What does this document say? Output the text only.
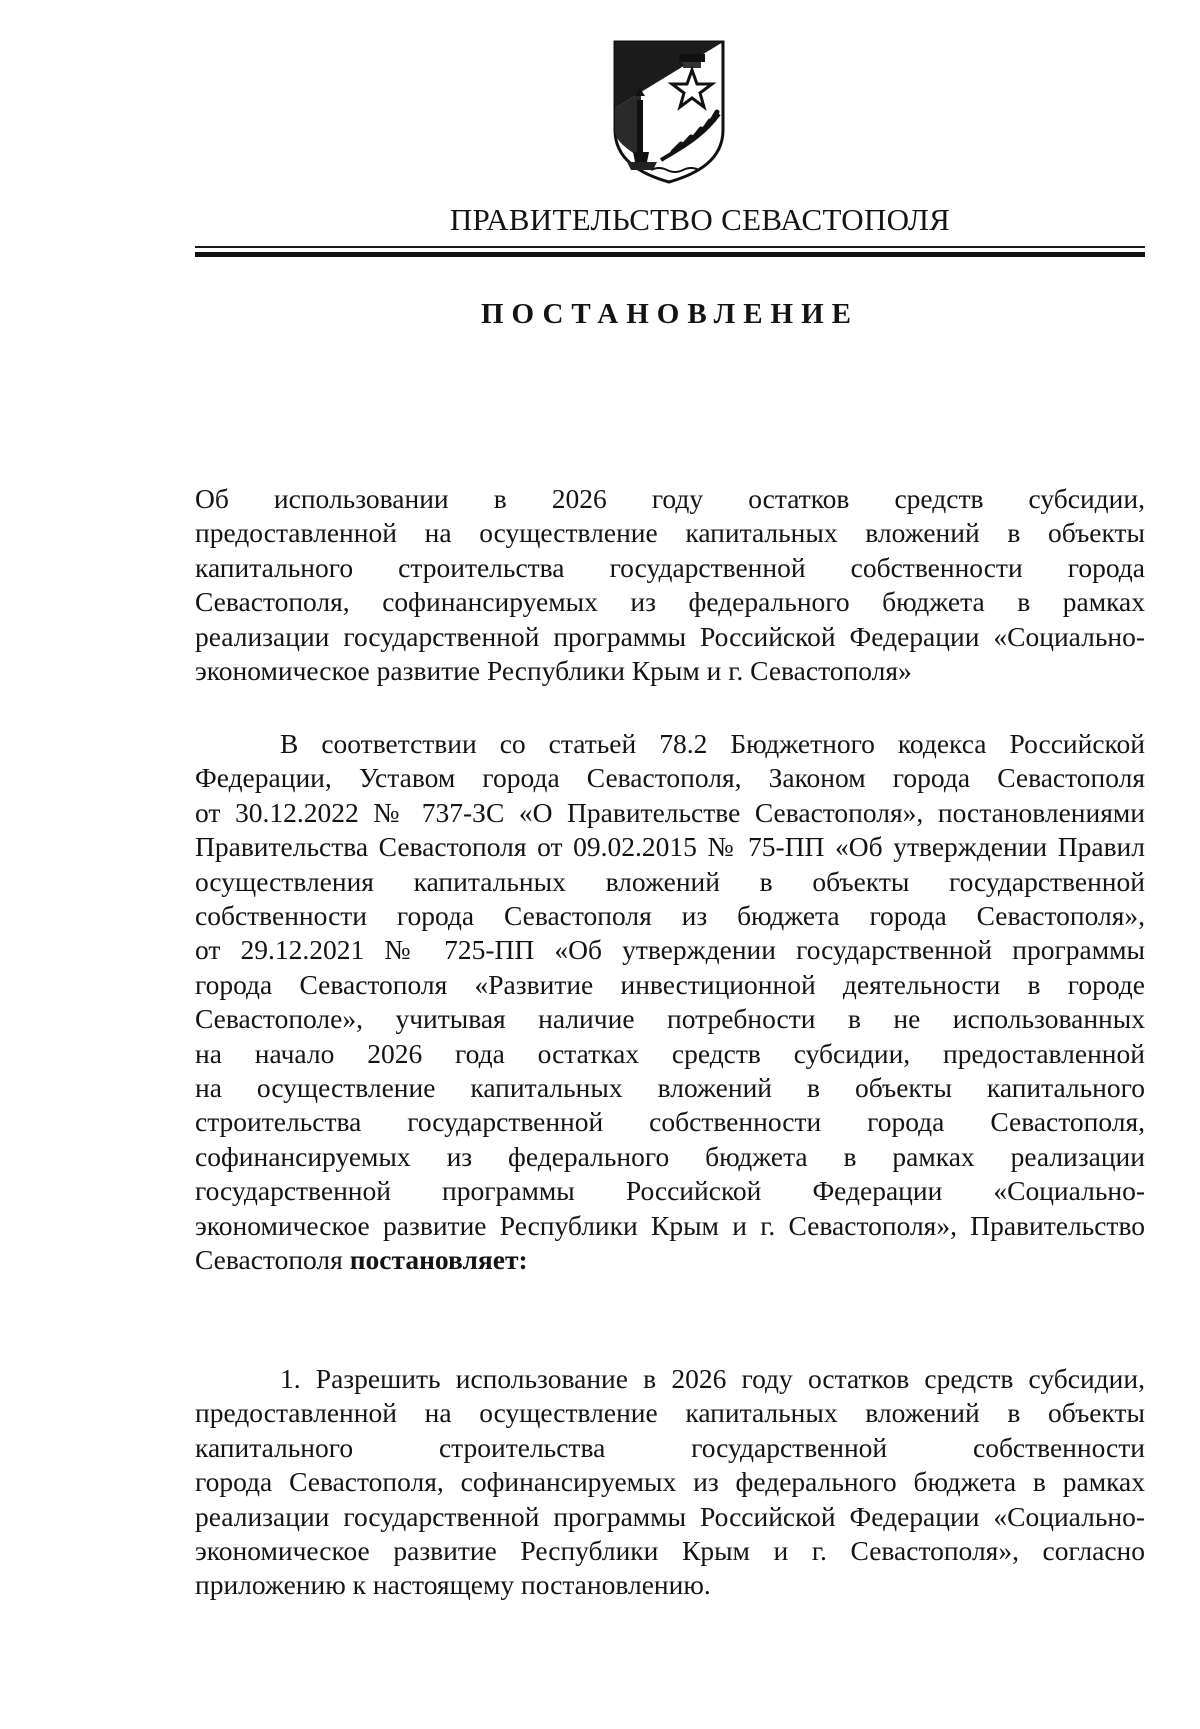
ПРАВИТЕЛЬСТВО СЕВАСТОПОЛЯ
ПОСТАНОВЛЕНИЕ
Об использовании в 2026 году остатков средств субсидии,
предоставленной на осуществление капитальных вложений в объекты
капитального строительства государственной собственности города
Севастополя, софинансируемых из федерального бюджета в рамках
реализации государственной программы Российской Федерации «Социально-
экономическое развитие Республики Крым и г. Севастополя»
В соответствии со статьей 78.2 Бюджетного кодекса Российской
Федерации, Уставом города Севастополя, Законом города Севастополя
от 30.12.2022 № 737-ЗС «О Правительстве Севастополя», постановлениями
Правительства Севастополя от 09.02.2015 № 75-ПП «Об утверждении Правил
осуществления капитальных вложений в объекты государственной
собственности города Севастополя из бюджета города Севастополя»,
от 29.12.2021 № 725-ПП «Об утверждении государственной программы
города Севастополя «Развитие инвестиционной деятельности в городе
Севастополе», учитывая наличие потребности в не использованных
на начало 2026 года остатках средств субсидии, предоставленной
на осуществление капитальных вложений в объекты капитального
строительства государственной собственности города Севастополя,
софинансируемых из федерального бюджета в рамках реализации
государственной программы Российской Федерации «Социально-
экономическое развитие Республики Крым и г. Севастополя», Правительство
Севастополя постановляет:
1. Разрешить использование в 2026 году остатков средств субсидии,
предоставленной на осуществление капитальных вложений в объекты
капитального строительства государственной собственности
города Севастополя, софинансируемых из федерального бюджета в рамках
реализации государственной программы Российской Федерации «Социально-
экономическое развитие Республики Крым и г. Севастополя», согласно
приложению к настоящему постановлению.
